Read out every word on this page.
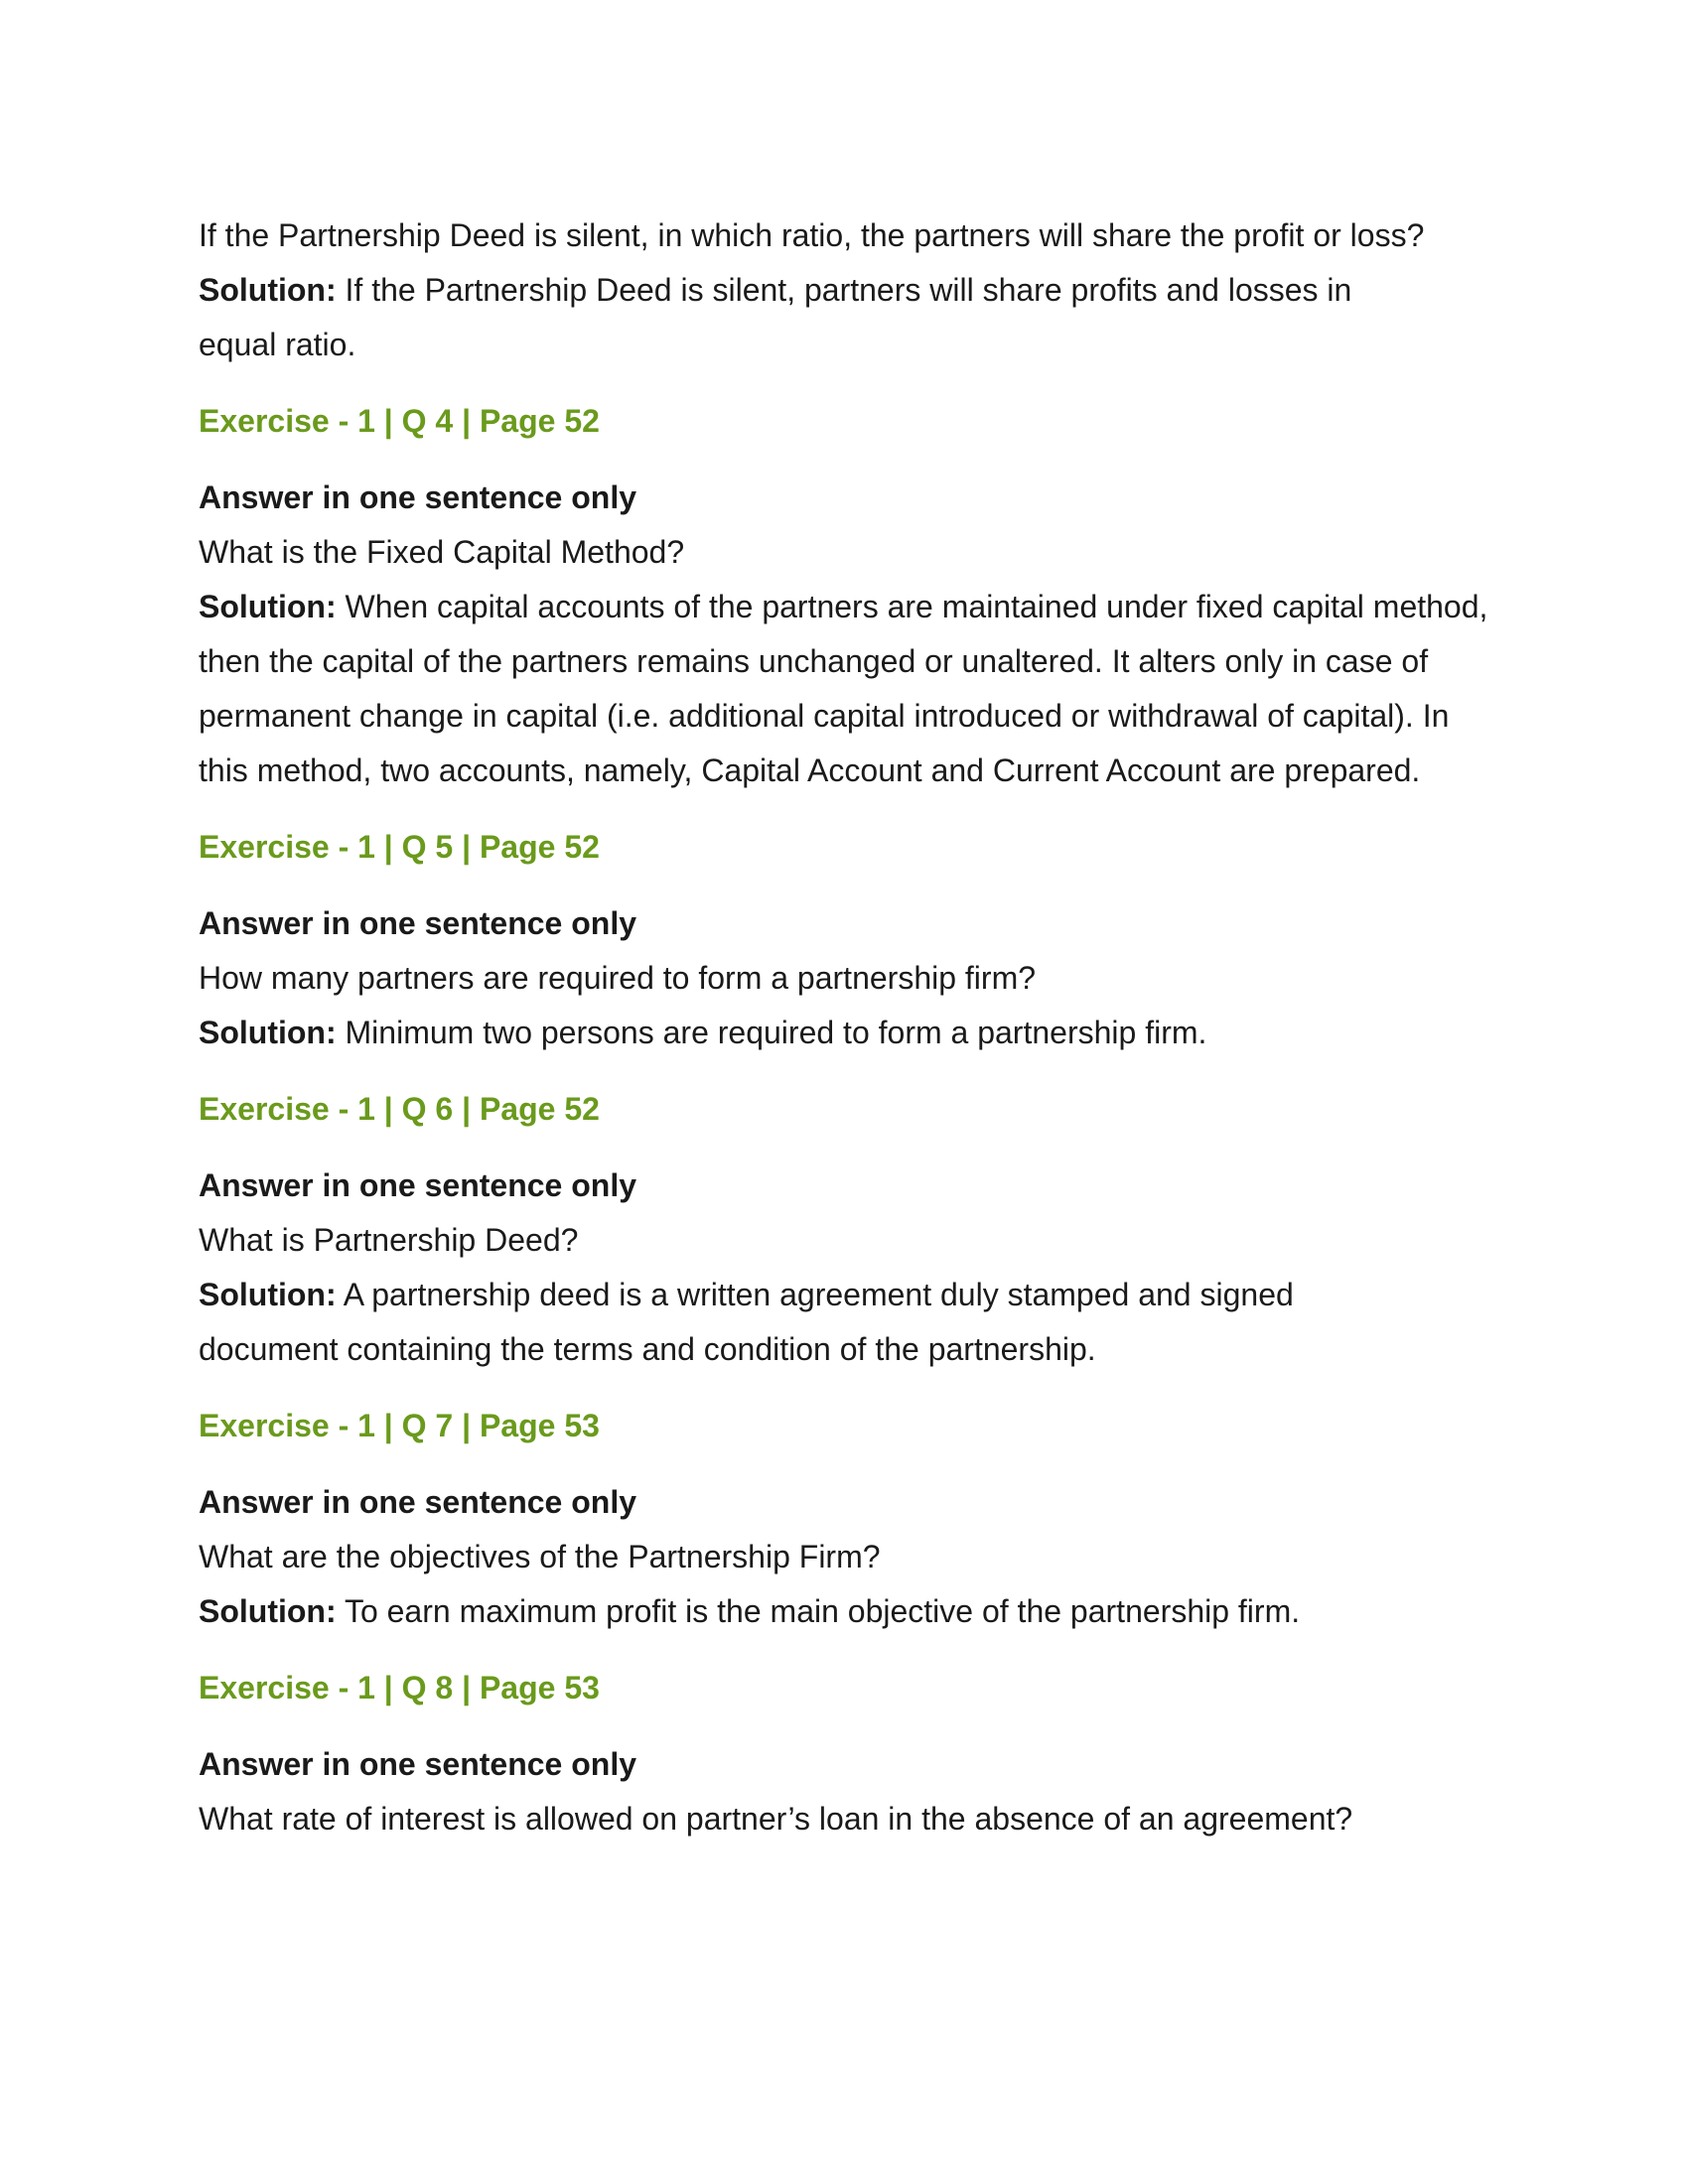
If the Partnership Deed is silent, in which ratio, the partners will share the profit or loss?

Solution: If the Partnership Deed is silent, partners will share profits and losses in equal ratio.

Exercise - 1 | Q 4 | Page 52

Answer in one sentence only

What is the Fixed Capital Method?

Solution: When capital accounts of the partners are maintained under fixed capital method, then the capital of the partners remains unchanged or unaltered. It alters only in case of permanent change in capital (i.e. additional capital introduced or withdrawal of capital). In this method, two accounts, namely, Capital Account and Current Account are prepared.

Exercise - 1 | Q 5 | Page 52

Answer in one sentence only

How many partners are required to form a partnership firm?

Solution: Minimum two persons are required to form a partnership firm.

Exercise - 1 | Q 6 | Page 52

Answer in one sentence only

What is Partnership Deed?

Solution: A partnership deed is a written agreement duly stamped and signed document containing the terms and condition of the partnership.

Exercise - 1 | Q 7 | Page 53

Answer in one sentence only

What are the objectives of the Partnership Firm?

Solution: To earn maximum profit is the main objective of the partnership firm.

Exercise - 1 | Q 8 | Page 53

Answer in one sentence only

What rate of interest is allowed on partner’s loan in the absence of an agreement?
